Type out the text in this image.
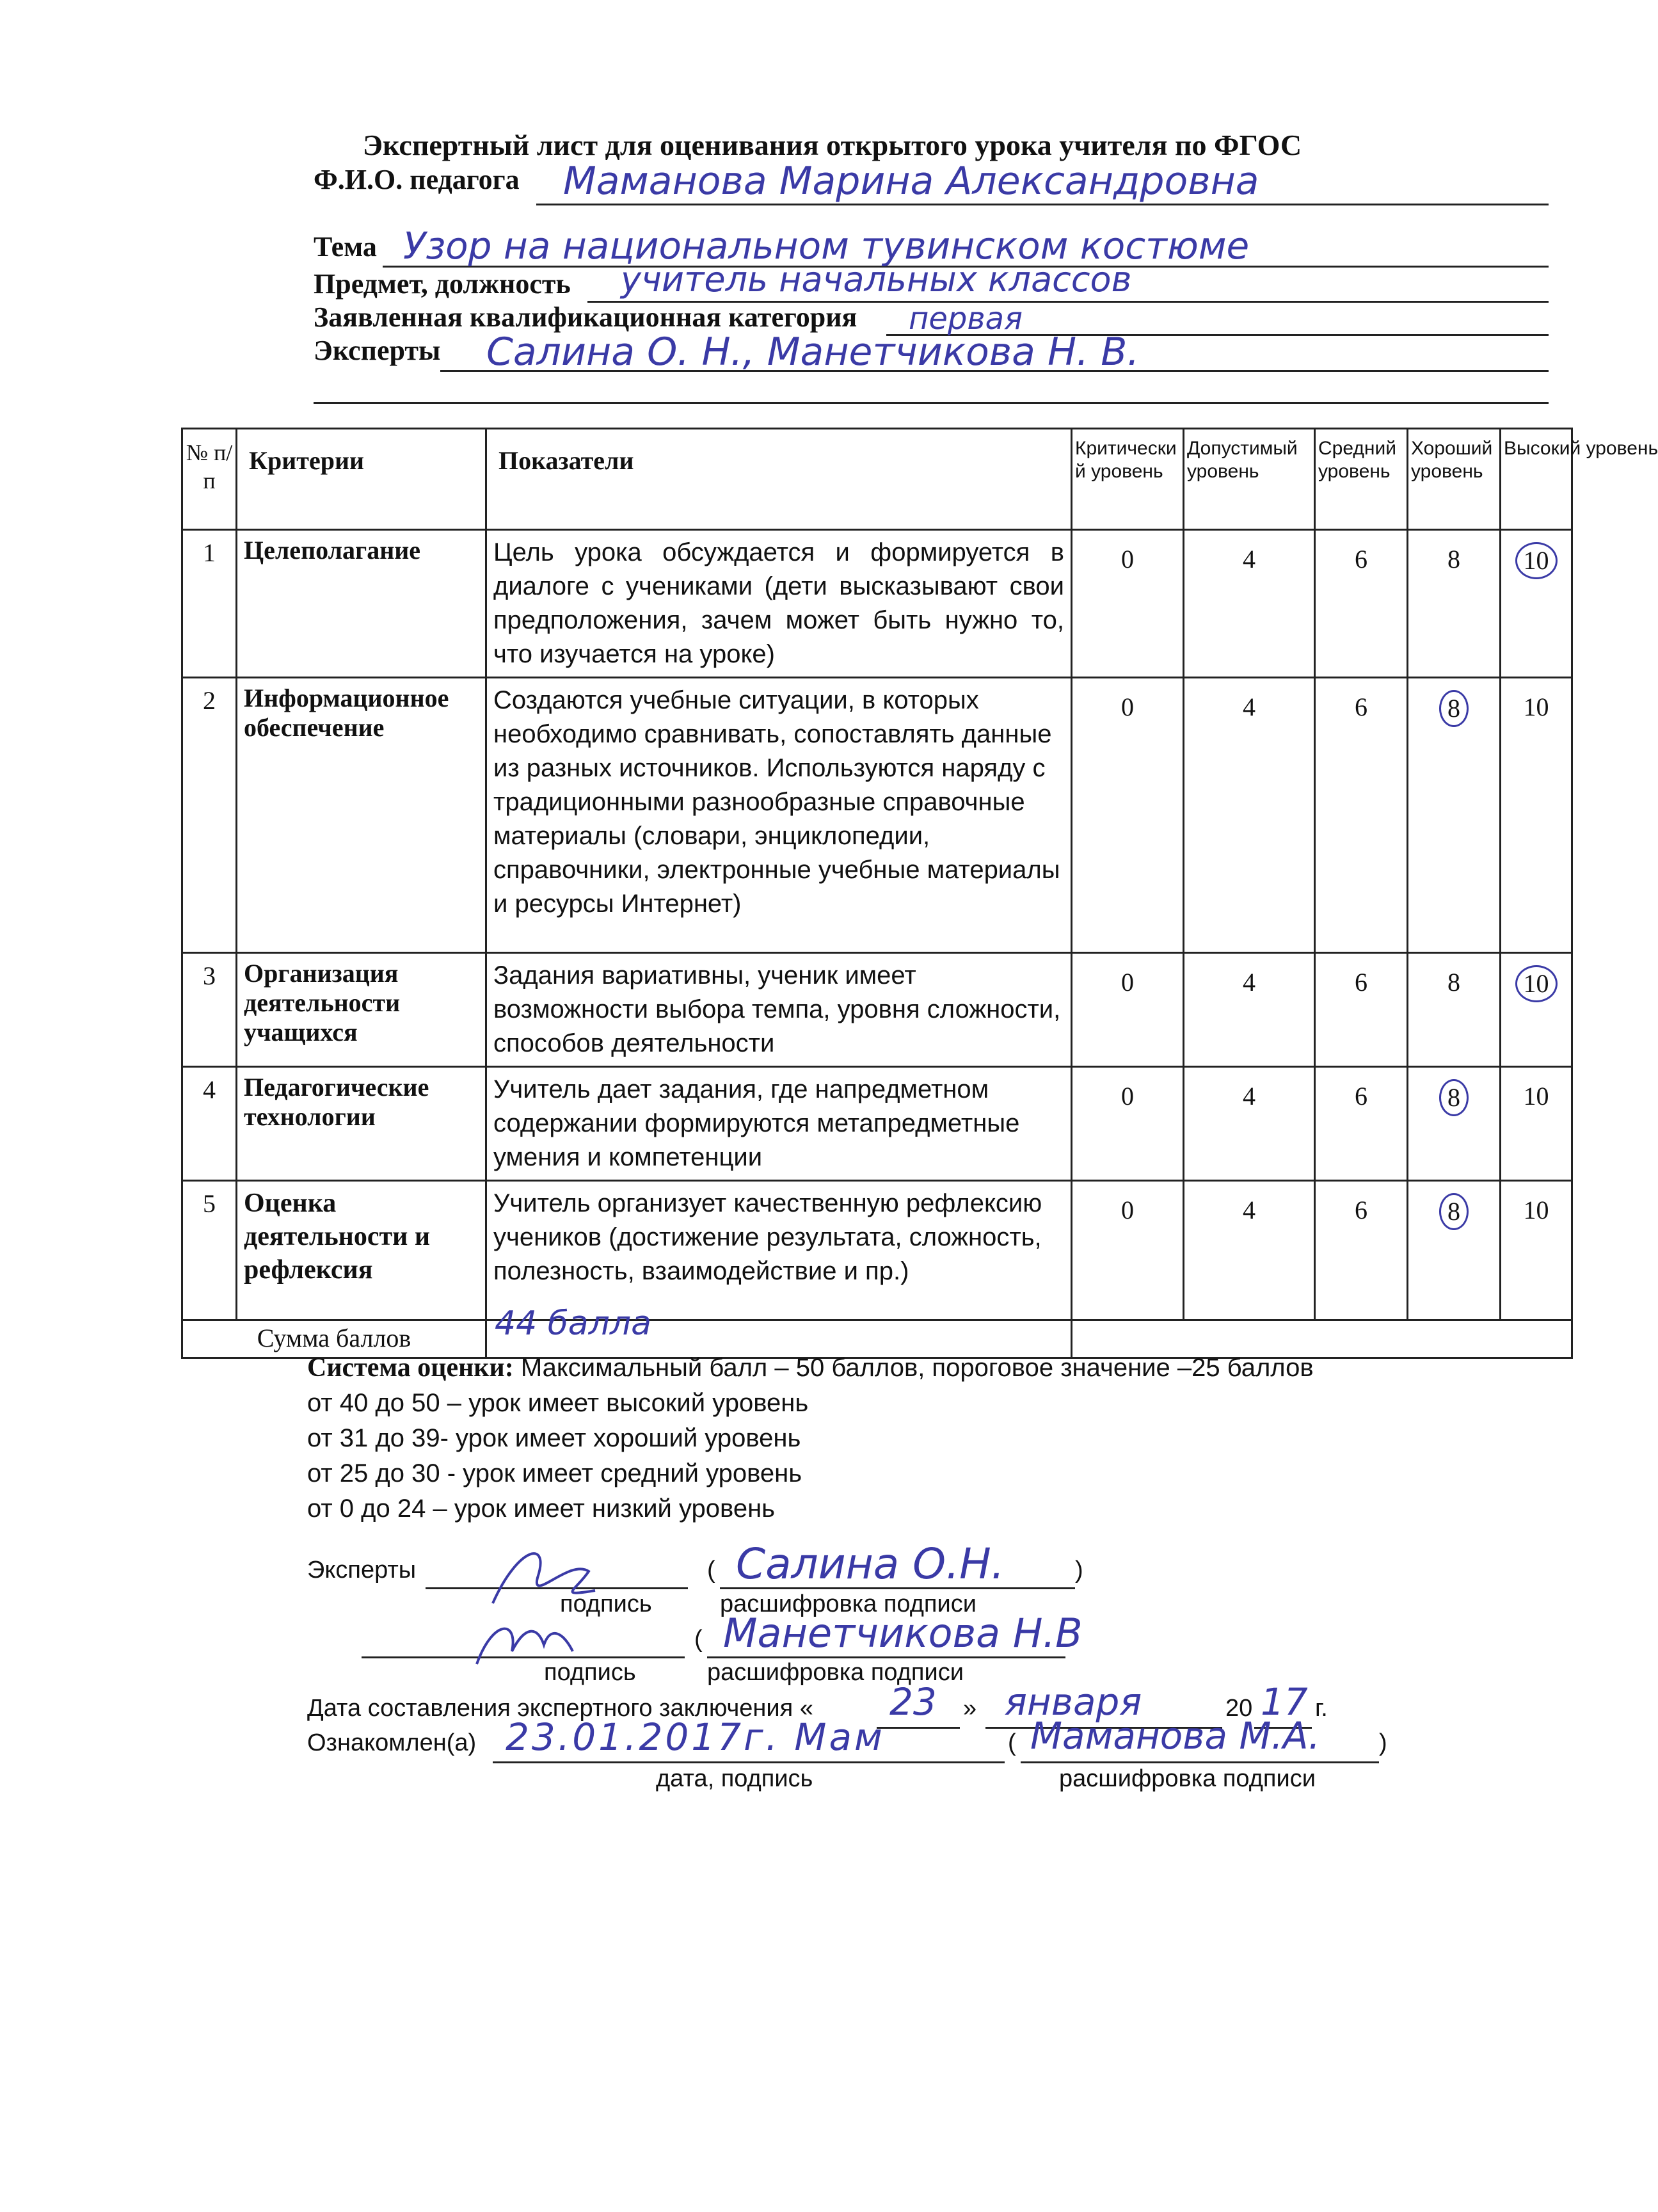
Экспертный лист для оценивания открытого урока учителя по ФГОС
Ф.И.О. педагога Маманова Марина Александровна
Тема Узор на национальном тувинском костюме
Предмет, должность учитель начальных классов
Заявленная квалификационная категория первая
Эксперты Салина О. Н., Манетчикова Н. В.
№ п/п	Критерии	Показатели	Критически й уровень	Допустимый уровень	Средний уровень	Хороший уровень	Высокий уровень
1	Целеполагание	Цель урока обсуждается и формируется в диалоге с учениками (дети высказывают свои предположения, зачем может быть нужно то, что изучается на уроке)	0	4	6	8	10
2	Информационное обеспечение	Создаются учебные ситуации, в которых необходимо сравнивать, сопоставлять данные из разных источников. Используются наряду с традиционными разнообразные справочные материалы (словари, энциклопедии, справочники, электронные учебные материалы и ресурсы Интернет)	0	4	6	8	10
3	Организация деятельности учащихся	Задания вариативны, ученик имеет возможности выбора темпа, уровня сложности, способов деятельности	0	4	6	8	10
4	Педагогические технологии	Учитель дает задания, где напредметном содержании формируются метапредметные умения и компетенции	0	4	6	8	10
5	Оценка деятельности и рефлексия	Учитель организует качественную рефлексию учеников (достижение результата, сложность, полезность, взаимодействие и пр.)	0	4	6	8	10
Сумма баллов		44 балла					
Система оценки: Максимальный балл – 50 баллов, пороговое значение –25 баллов
от 40 до 50 – урок имеет высокий уровень
от 31 до 39- урок имеет хороший уровень
от 25 до 30 - урок имеет средний уровень
от 0 до 24 – урок имеет низкий уровень
Эксперты	( Салина О.Н.	)
подпись	расшифровка подписи
( Манетчикова Н.В
подпись	расшифровка подписи
Дата составления экспертного заключения « 23 » января	20 17 г.
Ознакомлен(а) 23.01.2017г. Мам	( Маманова М.А. )
дата, подпись	расшифровка подписи
